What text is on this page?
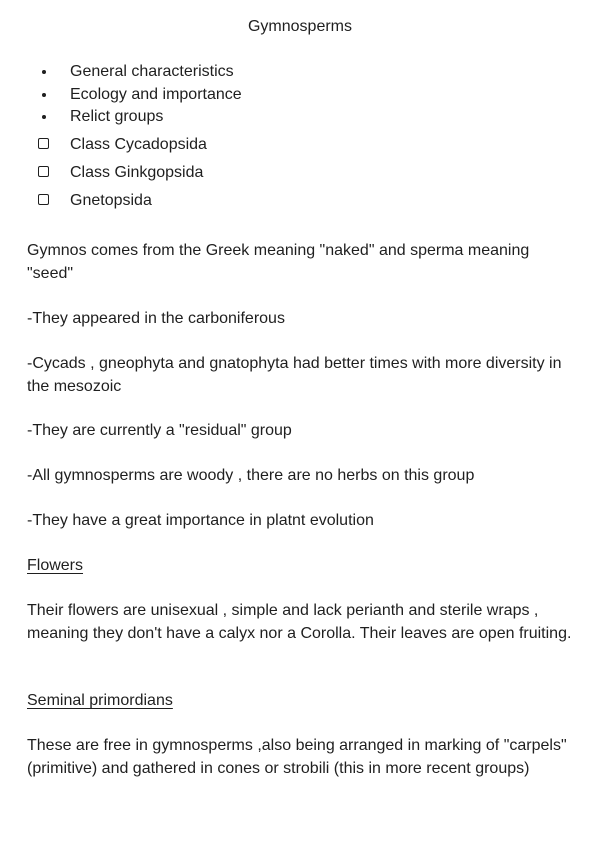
Gymnosperms
General characteristics
Ecology and importance
Relict groups
Class Cycadopsida
Class Ginkgopsida
Gnetopsida

Gymnos comes from the Greek meaning "naked" and sperma meaning "seed"

-They appeared in the carboniferous

-Cycads , gneophyta and gnatophyta had better times with more diversity in the mesozoic

-They are currently a "residual" group

-All gymnosperms are woody , there are no herbs on this group

-They have a great importance in platnt evolution

Flowers

Their flowers are unisexual , simple and lack perianth and sterile wraps , meaning they don't have a calyx nor a Corolla. Their leaves are open fruiting.

Seminal primordians

These are free in gymnosperms ,also being arranged in marking of "carpels" (primitive) and gathered in cones or strobili (this in more recent groups)
